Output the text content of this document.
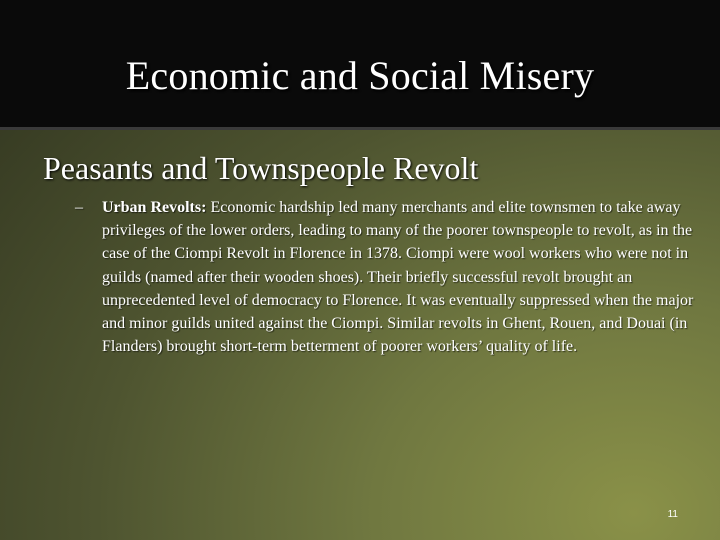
Economic and Social Misery
Peasants and Townspeople Revolt
– Urban Revolts: Economic hardship led many merchants and elite townsmen to take away privileges of the lower orders, leading to many of the poorer townspeople to revolt, as in the case of the Ciompi Revolt in Florence in 1378. Ciompi were wool workers who were not in guilds (named after their wooden shoes). Their briefly successful revolt brought an unprecedented level of democracy to Florence. It was eventually suppressed when the major and minor guilds united against the Ciompi. Similar revolts in Ghent, Rouen, and Douai (in Flanders) brought short-term betterment of poorer workers’ quality of life.
11
